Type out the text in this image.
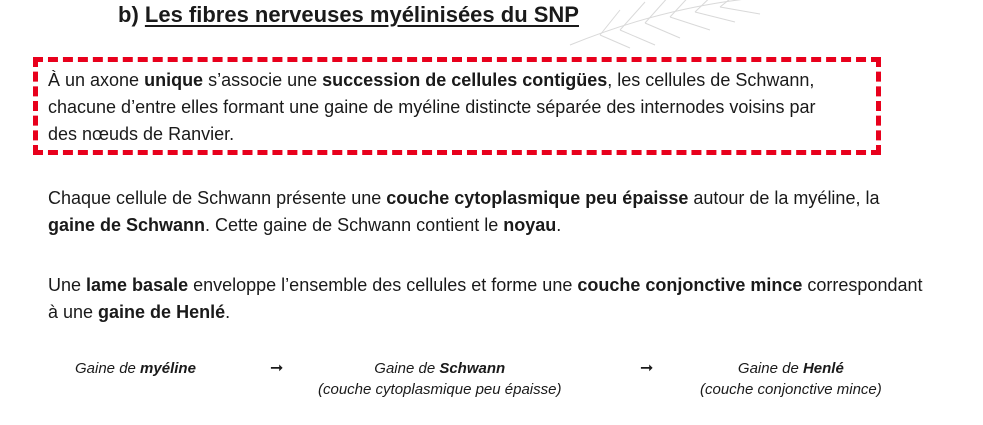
b) Les fibres nerveuses myélinisées du SNP

À un axone unique s’associe une succession de cellules contigües, les cellules de Schwann, chacune d’entre elles formant une gaine de myéline distincte séparée des internodes voisins par des nœuds de Ranvier.

Chaque cellule de Schwann présente une couche cytoplasmique peu épaisse autour de la myéline, la gaine de Schwann. Cette gaine de Schwann contient le noyau.

Une lame basale enveloppe l’ensemble des cellules et forme une couche conjonctive mince correspondant à une gaine de Henlé.

Gaine de myéline	➞	Gaine de Schwann
(couche cytoplasmique peu épaisse)
➞	Gaine de Henlé
(couche conjonctive mince)
